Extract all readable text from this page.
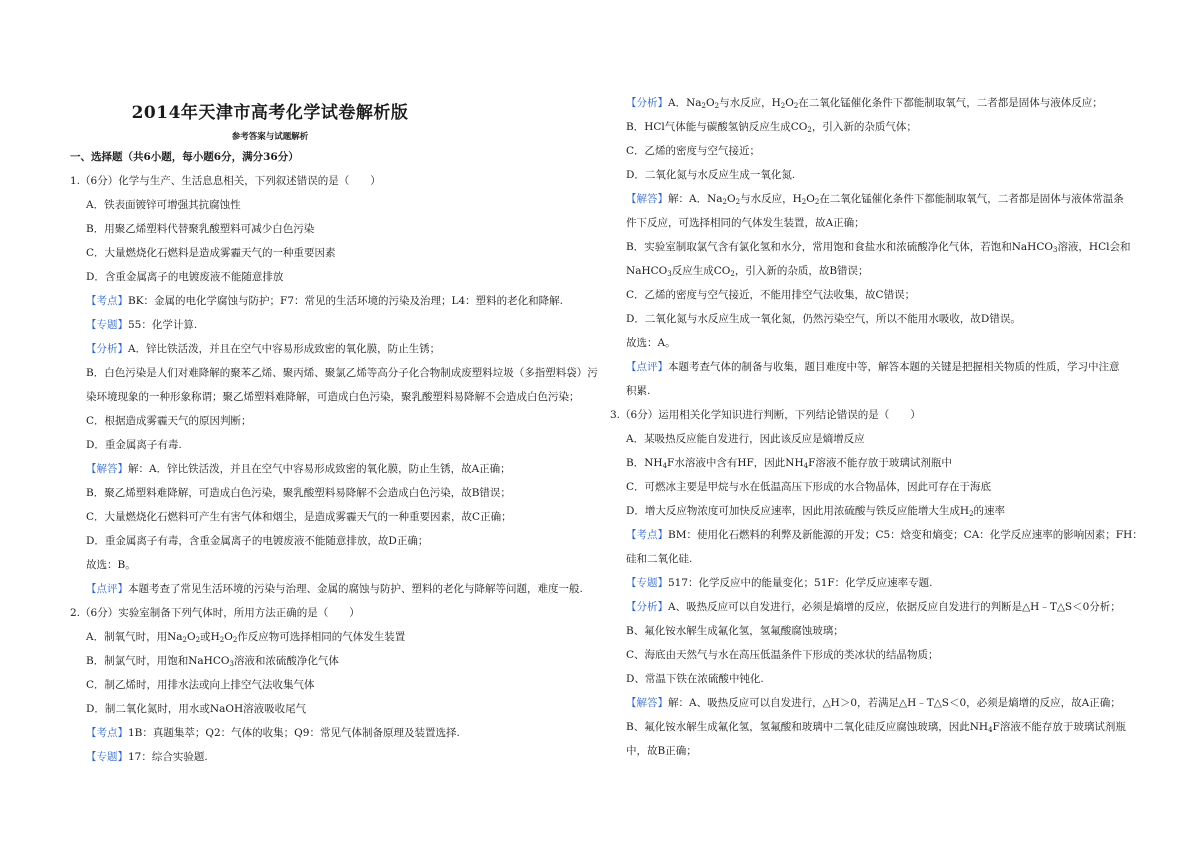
2014年天津市高考化学试卷解析版
参考答案与试题解析
一、选择题（共6小题，每小题6分，满分36分）
1.（6分）化学与生产、生活息息相关，下列叙述错误的是（　　）
A．铁表面镀锌可增强其抗腐蚀性
B．用聚乙烯塑料代替聚乳酸塑料可减少白色污染
C．大量燃烧化石燃料是造成雾霾天气的一种重要因素
D．含重金属离子的电镀废液不能随意排放
【考点】BK：金属的电化学腐蚀与防护；F7：常见的生活环境的污染及治理；L4：塑料的老化和降解.
【专题】55：化学计算.
【分析】A．锌比铁活泼，并且在空气中容易形成致密的氧化膜，防止生锈；
B．白色污染是人们对难降解的聚苯乙烯、聚丙烯、聚氯乙烯等高分子化合物制成废塑料垃圾（多指塑料袋）污
染环境现象的一种形象称谓；聚乙烯塑料难降解，可造成白色污染，聚乳酸塑料易降解不会造成白色污染；
C．根据造成雾霾天气的原因判断；
D．重金属离子有毒.
【解答】解：A．锌比铁活泼，并且在空气中容易形成致密的氧化膜，防止生锈，故A正确；
B．聚乙烯塑料难降解，可造成白色污染，聚乳酸塑料易降解不会造成白色污染，故B错误；
C．大量燃烧化石燃料可产生有害气体和烟尘，是造成雾霾天气的一种重要因素，故C正确；
D．重金属离子有毒，含重金属离子的电镀废液不能随意排放，故D正确；
故选：B。
【点评】本题考查了常见生活环境的污染与治理、金属的腐蚀与防护、塑料的老化与降解等问题，难度一般.
2.（6分）实验室制备下列气体时，所用方法正确的是（　　）
A．制氧气时，用$Na_2O_2$或$H_2O_2$作反应物可选择相同的气体发生装置
B．制氯气时，用饱和NaHCO$_3$溶液和浓硫酸净化气体
C．制乙烯时，用排水法或向上排空气法收集气体
D．制二氧化氮时，用水或NaOH溶液吸收尾气
【考点】1B：真题集萃；Q2：气体的收集；Q9：常见气体制备原理及装置选择.
【专题】17：综合实验题.
【分析】A．$Na_2O_2$与水反应，$H_2O_2$在二氧化锰催化条件下都能制取氧气，二者都是固体与液体反应；
B．HCl气体能与碳酸氢钠反应生成$CO_2$，引入新的杂质气体；
C．乙烯的密度与空气接近；
D．二氧化氮与水反应生成一氧化氮.
【解答】解：A．$Na_2O_2$与水反应，$H_2O_2$在二氧化锰催化条件下都能制取氧气，二者都是固体与液体常温条
件下反应，可选择相同的气体发生装置，故A正确；
B．实验室制取氯气含有氯化氢和水分，常用饱和食盐水和浓硫酸净化气体，若饱和NaHCO$_3$溶液，HCl会和
NaHCO$_3$反应生成$CO_2$，引入新的杂质，故B错误；
C．乙烯的密度与空气接近，不能用排空气法收集，故C错误；
D．二氧化氮与水反应生成一氧化氮，仍然污染空气，所以不能用水吸收，故D错误。
故选：A。
【点评】本题考查气体的制备与收集，题目难度中等，解答本题的关键是把握相关物质的性质，学习中注意
积累.
3.（6分）运用相关化学知识进行判断，下列结论错误的是（　　）
A．某吸热反应能自发进行，因此该反应是熵增反应
B．$NH_4F$水溶液中含有HF，因此$NH_4F$溶液不能存放于玻璃试剂瓶中
C．可燃冰主要是甲烷与水在低温高压下形成的水合物晶体，因此可存在于海底
D．增大反应物浓度可加快反应速率，因此用浓硫酸与铁反应能增大生成$H_2$的速率
【考点】BM：使用化石燃料的利弊及新能源的开发；C5：焓变和熵变；CA：化学反应速率的影响因素；FH：
硅和二氧化硅.
【专题】517：化学反应中的能量变化；51F：化学反应速率专题.
【分析】A、吸热反应可以自发进行，必须是熵增的反应，依据反应自发进行的判断是△H﹣T△S＜0分析；
B、氟化铵水解生成氟化氢，氢氟酸腐蚀玻璃；
C、海底由天然气与水在高压低温条件下形成的类冰状的结晶物质；
D、常温下铁在浓硫酸中钝化.
【解答】解：A、吸热反应可以自发进行，△H＞0，若满足△H﹣T△S＜0，必须是熵增的反应，故A正确；
B、氟化铵水解生成氟化氢，氢氟酸和玻璃中二氧化硅反应腐蚀玻璃，因此$NH_4F$溶液不能存放于玻璃试剂瓶
中，故B正确；
